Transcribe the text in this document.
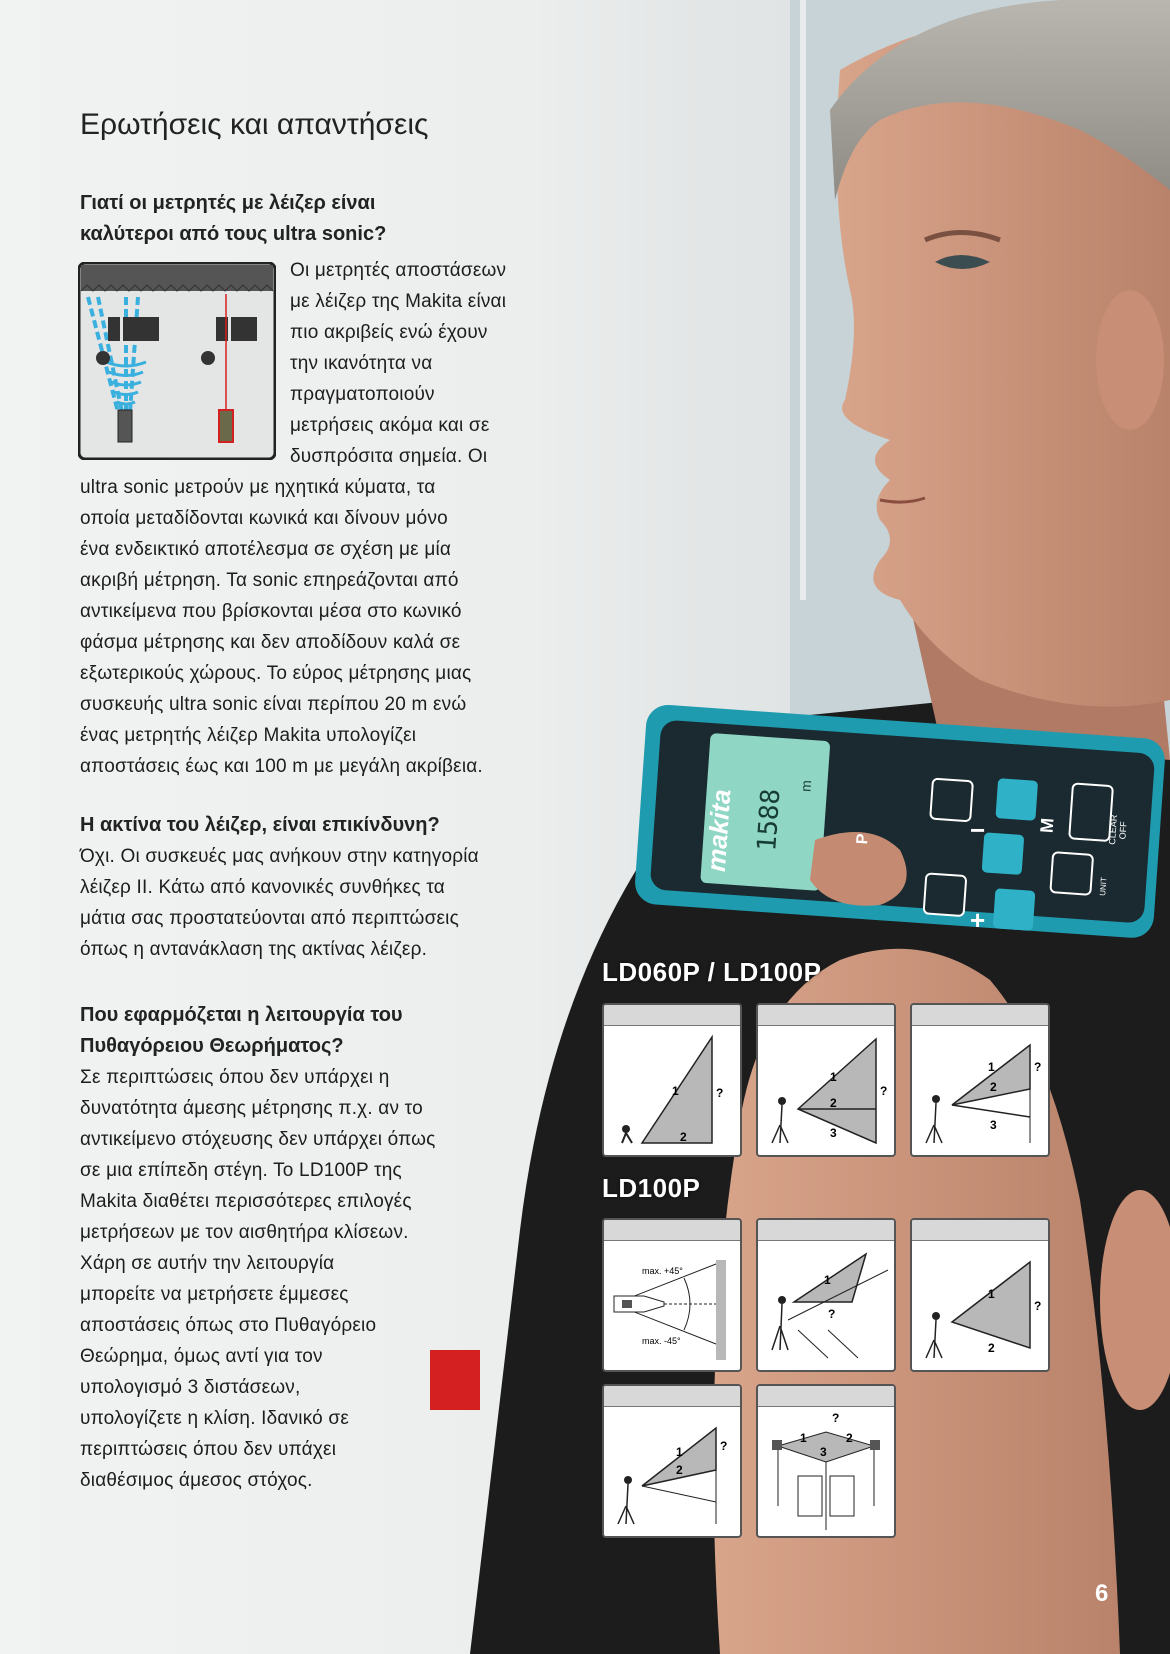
makita 1588
m
P	−	M	CLEAR OFF
UNIT
+
Ερωτήσεις και απαντήσεις
Γιατί οι μετρητές με λέιζερ είναι
καλύτεροι από τους ultra sonic?
Οι μετρητές αποστάσεων
με λέιζερ της Makita είναι
πιο ακριβείς ενώ έχουν
την ικανότητα να
πραγματοποιούν
μετρήσεις ακόμα και σε
δυσπρόσιτα σημεία. Οι
ultra sonic μετρούν με ηχητικά κύματα, τα
οποία μεταδίδονται κωνικά και δίνουν μόνο
ένα ενδεικτικό αποτέλεσμα σε σχέση με μία
ακριβή μέτρηση. Τα sonic επηρεάζονται από
αντικείμενα που βρίσκονται μέσα στο κωνικό
φάσμα μέτρησης και δεν αποδίδουν καλά σε
εξωτερικούς χώρους. Το εύρος μέτρησης μιας
συσκευής ultra sonic είναι περίπου 20 m ενώ
ένας μετρητής λέιζερ Makita υπολογίζει
αποστάσεις έως και 100 m με μεγάλη ακρίβεια.
Η ακτίνα του λέιζερ, είναι επικίνδυνη?
Όχι. Οι συσκευές μας ανήκουν στην κατηγορία
λέιζερ II. Κάτω από κανονικές συνθήκες τα
μάτια σας προστατεύονται από περιπτώσεις
όπως η αντανάκλαση της ακτίνας λέιζερ.
Που εφαρμόζεται η λειτουργία του
Πυθαγόρειου Θεωρήματος?
Σε περιπτώσεις όπου δεν υπάρχει η
δυνατότητα άμεσης μέτρησης π.χ. αν το
αντικείμενο στόχευσης δεν υπάρχει όπως
σε μια επίπεδη στέγη. Το LD100P της
Makita διαθέτει περισσότερες επιλογές
μετρήσεων με τον αισθητήρα κλίσεων.
Χάρη σε αυτήν την λειτουργία
μπορείτε να μετρήσετε έμμεσες
αποστάσεις όπως στο Πυθαγόρειο
Θεώρημα, όμως αντί για τον
υπολογισμό 3 διστάσεων,
υπολογίζετε η κλίση. Ιδανικό σε
περιπτώσεις όπου δεν υπάχει
διαθέσιμος άμεσος στόχος.
LD060P / LD100P
LD100P
1	?
2
1
2
3
?
1
2
3
?
max. +45°
max. -45°
1
?
1
2
?
1
2
?
1	2
3
?
6
